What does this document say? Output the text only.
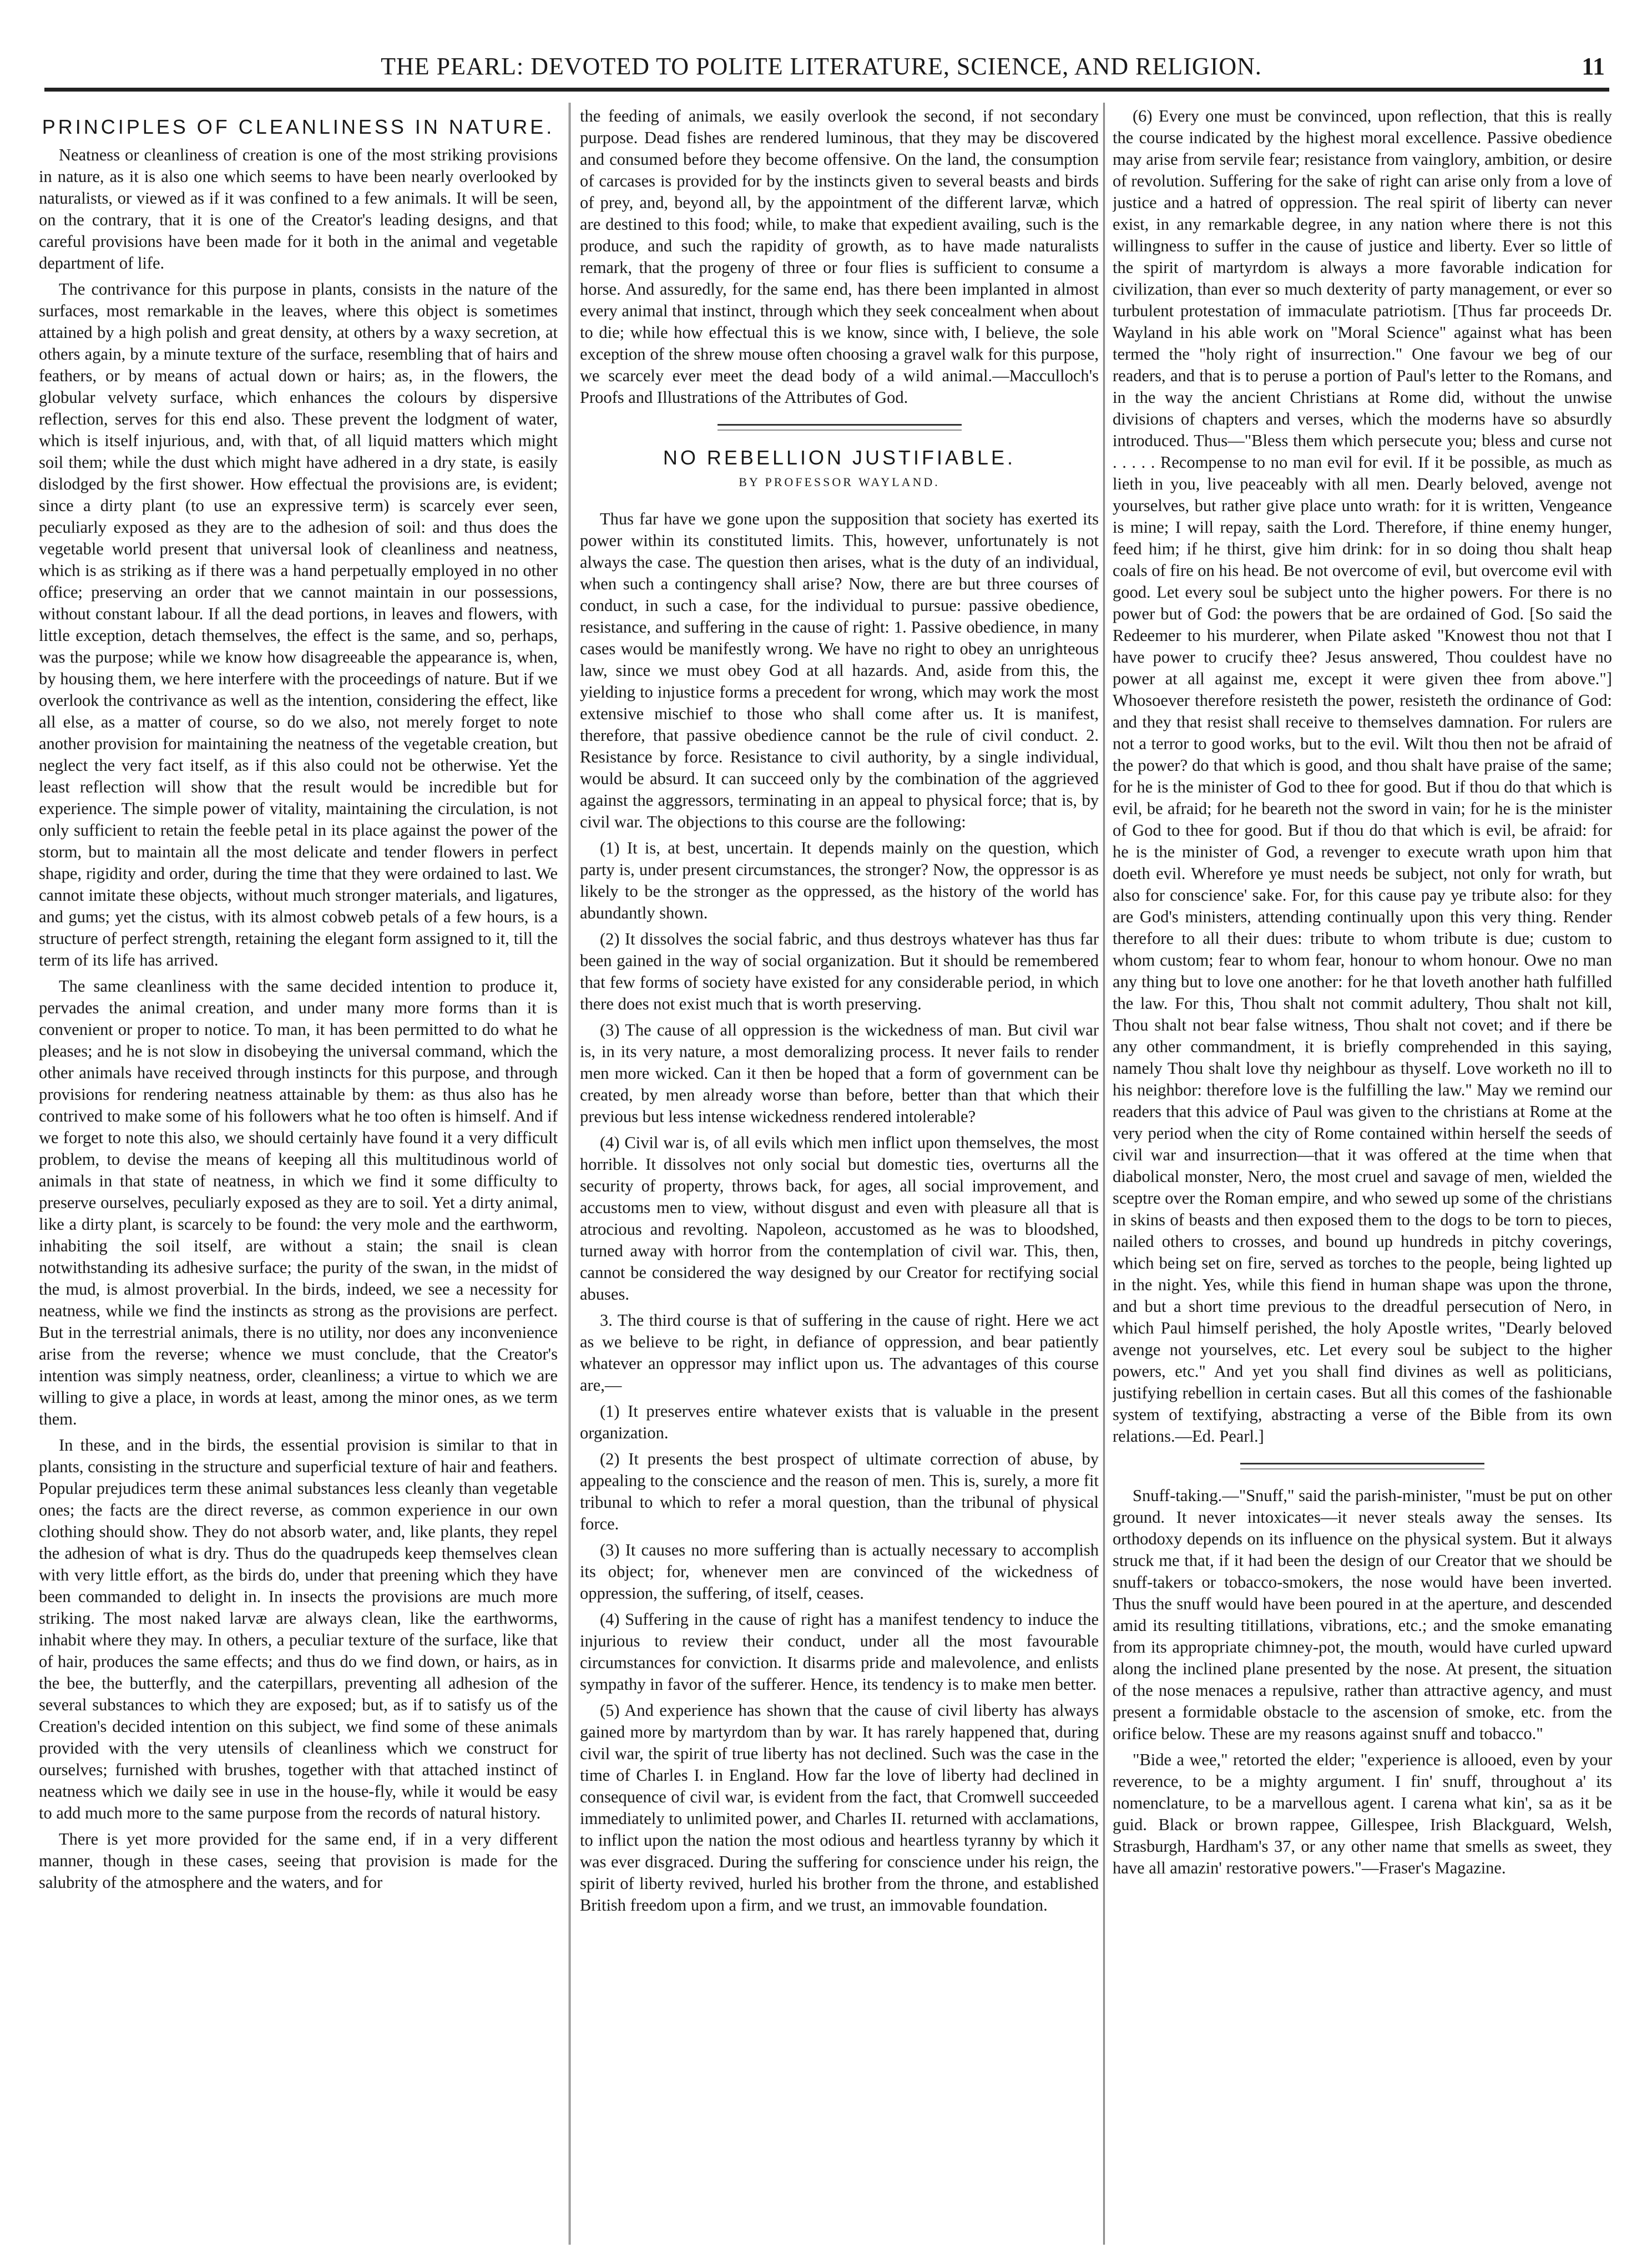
THE PEARL: DEVOTED TO POLITE LITERATURE, SCIENCE, AND RELIGION.	11
PRINCIPLES OF CLEANLINESS IN NATURE.

Neatness or cleanliness of creation is one of the most striking provisions in nature, as it is also one which seems to have been nearly overlooked by naturalists, or viewed as if it was confined to a few animals. It will be seen, on the contrary, that it is one of the Creator's leading designs, and that careful provisions have been made for it both in the animal and vegetable department of life.

The contrivance for this purpose in plants, consists in the nature of the surfaces, most remarkable in the leaves, where this object is sometimes attained by a high polish and great density, at others by a waxy secretion, at others again, by a minute texture of the surface, resembling that of hairs and feathers, or by means of actual down or hairs; as, in the flowers, the globular velvety surface, which enhances the colours by dispersive reflection, serves for this end also. These prevent the lodgment of water, which is itself injurious, and, with that, of all liquid matters which might soil them; while the dust which might have adhered in a dry state, is easily dislodged by the first shower. How effectual the provisions are, is evident; since a dirty plant (to use an expressive term) is scarcely ever seen, peculiarly exposed as they are to the adhesion of soil: and thus does the vegetable world present that universal look of cleanliness and neatness, which is as striking as if there was a hand perpetually employed in no other office; preserving an order that we cannot maintain in our possessions, without constant labour. If all the dead portions, in leaves and flowers, with little exception, detach themselves, the effect is the same, and so, perhaps, was the purpose; while we know how disagreeable the appearance is, when, by housing them, we here interfere with the proceedings of nature. But if we overlook the contrivance as well as the intention, considering the effect, like all else, as a matter of course, so do we also, not merely forget to note another provision for maintaining the neatness of the vegetable creation, but neglect the very fact itself, as if this also could not be otherwise. Yet the least reflection will show that the result would be incredible but for experience. The simple power of vitality, maintaining the circulation, is not only sufficient to retain the feeble petal in its place against the power of the storm, but to maintain all the most delicate and tender flowers in perfect shape, rigidity and order, during the time that they were ordained to last. We cannot imitate these objects, without much stronger materials, and ligatures, and gums; yet the cistus, with its almost cobweb petals of a few hours, is a structure of perfect strength, retaining the elegant form assigned to it, till the term of its life has arrived.

The same cleanliness with the same decided intention to produce it, pervades the animal creation, and under many more forms than it is convenient or proper to notice. To man, it has been permitted to do what he pleases; and he is not slow in disobeying the universal command, which the other animals have received through instincts for this purpose, and through provisions for rendering neatness attainable by them: as thus also has he contrived to make some of his followers what he too often is himself. And if we forget to note this also, we should certainly have found it a very difficult problem, to devise the means of keeping all this multitudinous world of animals in that state of neatness, in which we find it some difficulty to preserve ourselves, peculiarly exposed as they are to soil. Yet a dirty animal, like a dirty plant, is scarcely to be found: the very mole and the earthworm, inhabiting the soil itself, are without a stain; the snail is clean notwithstanding its adhesive surface; the purity of the swan, in the midst of the mud, is almost proverbial. In the birds, indeed, we see a necessity for neatness, while we find the instincts as strong as the provisions are perfect. But in the terrestrial animals, there is no utility, nor does any inconvenience arise from the reverse; whence we must conclude, that the Creator's intention was simply neatness, order, cleanliness; a virtue to which we are willing to give a place, in words at least, among the minor ones, as we term them.

In these, and in the birds, the essential provision is similar to that in plants, consisting in the structure and superficial texture of hair and feathers. Popular prejudices term these animal substances less cleanly than vegetable ones; the facts are the direct reverse, as common experience in our own clothing should show. They do not absorb water, and, like plants, they repel the adhesion of what is dry. Thus do the quadrupeds keep themselves clean with very little effort, as the birds do, under that preening which they have been commanded to delight in. In insects the provisions are much more striking. The most naked larvæ are always clean, like the earthworms, inhabit where they may. In others, a peculiar texture of the surface, like that of hair, produces the same effects; and thus do we find down, or hairs, as in the bee, the butterfly, and the caterpillars, preventing all adhesion of the several substances to which they are exposed; but, as if to satisfy us of the Creation's decided intention on this subject, we find some of these animals provided with the very utensils of cleanliness which we construct for ourselves; furnished with brushes, together with that attached instinct of neatness which we daily see in use in the house-fly, while it would be easy to add much more to the same purpose from the records of natural history.

There is yet more provided for the same end, if in a very different manner, though in these cases, seeing that provision is made for the salubrity of the atmosphere and the waters, and for

the feeding of animals, we easily overlook the second, if not secondary purpose. Dead fishes are rendered luminous, that they may be discovered and consumed before they become offensive. On the land, the consumption of carcases is provided for by the instincts given to several beasts and birds of prey, and, beyond all, by the appointment of the different larvæ, which are destined to this food; while, to make that expedient availing, such is the produce, and such the rapidity of growth, as to have made naturalists remark, that the progeny of three or four flies is sufficient to consume a horse. And assuredly, for the same end, has there been implanted in almost every animal that instinct, through which they seek concealment when about to die; while how effectual this is we know, since with, I believe, the sole exception of the shrew mouse often choosing a gravel walk for this purpose, we scarcely ever meet the dead body of a wild animal.—Macculloch's Proofs and Illustrations of the Attributes of God.

NO REBELLION JUSTIFIABLE.
BY PROFESSOR WAYLAND.

Thus far have we gone upon the supposition that society has exerted its power within its constituted limits. This, however, unfortunately is not always the case. The question then arises, what is the duty of an individual, when such a contingency shall arise? Now, there are but three courses of conduct, in such a case, for the individual to pursue: passive obedience, resistance, and suffering in the cause of right: 1. Passive obedience, in many cases would be manifestly wrong. We have no right to obey an unrighteous law, since we must obey God at all hazards. And, aside from this, the yielding to injustice forms a precedent for wrong, which may work the most extensive mischief to those who shall come after us. It is manifest, therefore, that passive obedience cannot be the rule of civil conduct. 2. Resistance by force. Resistance to civil authority, by a single individual, would be absurd. It can succeed only by the combination of the aggrieved against the aggressors, terminating in an appeal to physical force; that is, by civil war. The objections to this course are the following:

(1) It is, at best, uncertain. It depends mainly on the question, which party is, under present circumstances, the stronger? Now, the oppressor is as likely to be the stronger as the oppressed, as the history of the world has abundantly shown.

(2) It dissolves the social fabric, and thus destroys whatever has thus far been gained in the way of social organization. But it should be remembered that few forms of society have existed for any considerable period, in which there does not exist much that is worth preserving.

(3) The cause of all oppression is the wickedness of man. But civil war is, in its very nature, a most demoralizing process. It never fails to render men more wicked. Can it then be hoped that a form of government can be created, by men already worse than before, better than that which their previous but less intense wickedness rendered intolerable?

(4) Civil war is, of all evils which men inflict upon themselves, the most horrible. It dissolves not only social but domestic ties, overturns all the security of property, throws back, for ages, all social improvement, and accustoms men to view, without disgust and even with pleasure all that is atrocious and revolting. Napoleon, accustomed as he was to bloodshed, turned away with horror from the contemplation of civil war. This, then, cannot be considered the way designed by our Creator for rectifying social abuses.

3. The third course is that of suffering in the cause of right. Here we act as we believe to be right, in defiance of oppression, and bear patiently whatever an oppressor may inflict upon us. The advantages of this course are,—

(1) It preserves entire whatever exists that is valuable in the present organization.

(2) It presents the best prospect of ultimate correction of abuse, by appealing to the conscience and the reason of men. This is, surely, a more fit tribunal to which to refer a moral question, than the tribunal of physical force.

(3) It causes no more suffering than is actually necessary to accomplish its object; for, whenever men are convinced of the wickedness of oppression, the suffering, of itself, ceases.

(4) Suffering in the cause of right has a manifest tendency to induce the injurious to review their conduct, under all the most favourable circumstances for conviction. It disarms pride and malevolence, and enlists sympathy in favor of the sufferer. Hence, its tendency is to make men better.

(5) And experience has shown that the cause of civil liberty has always gained more by martyrdom than by war. It has rarely happened that, during civil war, the spirit of true liberty has not declined. Such was the case in the time of Charles I. in England. How far the love of liberty had declined in consequence of civil war, is evident from the fact, that Cromwell succeeded immediately to unlimited power, and Charles II. returned with acclamations, to inflict upon the nation the most odious and heartless tyranny by which it was ever disgraced. During the suffering for conscience under his reign, the spirit of liberty revived, hurled his brother from the throne, and established British freedom upon a firm, and we trust, an immovable foundation.

(6) Every one must be convinced, upon reflection, that this is really the course indicated by the highest moral excellence. Passive obedience may arise from servile fear; resistance from vainglory, ambition, or desire of revolution. Suffering for the sake of right can arise only from a love of justice and a hatred of oppression. The real spirit of liberty can never exist, in any remarkable degree, in any nation where there is not this willingness to suffer in the cause of justice and liberty. Ever so little of the spirit of martyrdom is always a more favorable indication for civilization, than ever so much dexterity of party management, or ever so turbulent protestation of immaculate patriotism. [Thus far proceeds Dr. Wayland in his able work on "Moral Science" against what has been termed the "holy right of insurrection." One favour we beg of our readers, and that is to peruse a portion of Paul's letter to the Romans, and in the way the ancient Christians at Rome did, without the unwise divisions of chapters and verses, which the moderns have so absurdly introduced. Thus—"Bless them which persecute you; bless and curse not . . . . . Recompense to no man evil for evil. If it be possible, as much as lieth in you, live peaceably with all men. Dearly beloved, avenge not yourselves, but rather give place unto wrath: for it is written, Vengeance is mine; I will repay, saith the Lord. Therefore, if thine enemy hunger, feed him; if he thirst, give him drink: for in so doing thou shalt heap coals of fire on his head. Be not overcome of evil, but overcome evil with good. Let every soul be subject unto the higher powers. For there is no power but of God: the powers that be are ordained of God. [So said the Redeemer to his murderer, when Pilate asked "Knowest thou not that I have power to crucify thee? Jesus answered, Thou couldest have no power at all against me, except it were given thee from above."] Whosoever therefore resisteth the power, resisteth the ordinance of God: and they that resist shall receive to themselves damnation. For rulers are not a terror to good works, but to the evil. Wilt thou then not be afraid of the power? do that which is good, and thou shalt have praise of the same; for he is the minister of God to thee for good. But if thou do that which is evil, be afraid; for he beareth not the sword in vain; for he is the minister of God to thee for good. But if thou do that which is evil, be afraid: for he is the minister of God, a revenger to execute wrath upon him that doeth evil. Wherefore ye must needs be subject, not only for wrath, but also for conscience' sake. For, for this cause pay ye tribute also: for they are God's ministers, attending continually upon this very thing. Render therefore to all their dues: tribute to whom tribute is due; custom to whom custom; fear to whom fear, honour to whom honour. Owe no man any thing but to love one another: for he that loveth another hath fulfilled the law. For this, Thou shalt not commit adultery, Thou shalt not kill, Thou shalt not bear false witness, Thou shalt not covet; and if there be any other commandment, it is briefly comprehended in this saying, namely Thou shalt love thy neighbour as thyself. Love worketh no ill to his neighbor: therefore love is the fulfilling the law." May we remind our readers that this advice of Paul was given to the christians at Rome at the very period when the city of Rome contained within herself the seeds of civil war and insurrection—that it was offered at the time when that diabolical monster, Nero, the most cruel and savage of men, wielded the sceptre over the Roman empire, and who sewed up some of the christians in skins of beasts and then exposed them to the dogs to be torn to pieces, nailed others to crosses, and bound up hundreds in pitchy coverings, which being set on fire, served as torches to the people, being lighted up in the night. Yes, while this fiend in human shape was upon the throne, and but a short time previous to the dreadful persecution of Nero, in which Paul himself perished, the holy Apostle writes, "Dearly beloved avenge not yourselves, etc. Let every soul be subject to the higher powers, etc." And yet you shall find divines as well as politicians, justifying rebellion in certain cases. But all this comes of the fashionable system of textifying, abstracting a verse of the Bible from its own relations.—Ed. Pearl.]

Snuff-taking.—"Snuff," said the parish-minister, "must be put on other ground. It never intoxicates—it never steals away the senses. Its orthodoxy depends on its influence on the physical system. But it always struck me that, if it had been the design of our Creator that we should be snuff-takers or tobacco-smokers, the nose would have been inverted. Thus the snuff would have been poured in at the aperture, and descended amid its resulting titillations, vibrations, etc.; and the smoke emanating from its appropriate chimney-pot, the mouth, would have curled upward along the inclined plane presented by the nose. At present, the situation of the nose menaces a repulsive, rather than attractive agency, and must present a formidable obstacle to the ascension of smoke, etc. from the orifice below. These are my reasons against snuff and tobacco."

"Bide a wee," retorted the elder; "experience is allooed, even by your reverence, to be a mighty argument. I fin' snuff, throughout a' its nomenclature, to be a marvellous agent. I carena what kin', sa as it be guid. Black or brown rappee, Gillespee, Irish Blackguard, Welsh, Strasburgh, Hardham's 37, or any other name that smells as sweet, they have all amazin' restorative powers."—Fraser's Magazine.
